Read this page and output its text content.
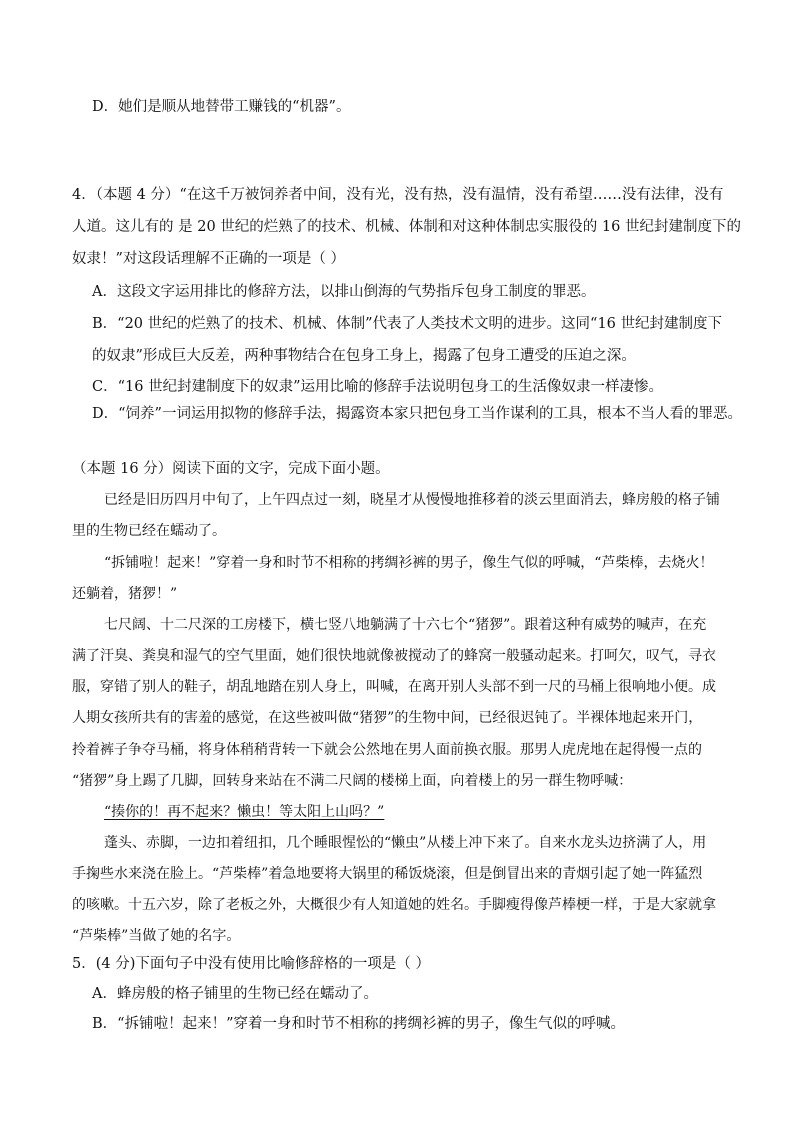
D．她们是顺从地替带工赚钱的“机器”。

4．（本题 4 分）“在这千万被饲养者中间，没有光，没有热，没有温情，没有希望……没有法律，没有

人道。这儿有的 是 20 世纪的烂熟了的技术、机械、体制和对这种体制忠实服役的 16 世纪封建制度下的

奴隶！”对这段话理解不正确的一项是（ ）

A．这段文字运用排比的修辞方法，以排山倒海的气势指斥包身工制度的罪恶。

B．“20 世纪的烂熟了的技术、机械、体制”代表了人类技术文明的进步。这同“16 世纪封建制度下

的奴隶”形成巨大反差，两种事物结合在包身工身上，揭露了包身工遭受的压迫之深。

C．“16 世纪封建制度下的奴隶”运用比喻的修辞手法说明包身工的生活像奴隶一样凄惨。

D．“饲养”一词运用拟物的修辞手法，揭露资本家只把包身工当作谋利的工具，根本不当人看的罪恶。

（本题 16 分）阅读下面的文字，完成下面小题。

已经是旧历四月中旬了，上午四点过一刻，晓星才从慢慢地推移着的淡云里面消去，蜂房般的格子铺

里的生物已经在蠕动了。

“拆铺啦！起来！”穿着一身和时节不相称的拷绸衫裤的男子，像生气似的呼喊，“芦柴棒，去烧火！

还躺着，猪猡！”

七尺阔、十二尺深的工房楼下，横七竖八地躺满了十六七个“猪猡”。跟着这种有威势的喊声，在充

满了汗臭、粪臭和湿气的空气里面，她们很快地就像被搅动了的蜂窝一般骚动起来。打呵欠，叹气，寻衣

服，穿错了别人的鞋子，胡乱地踏在别人身上，叫喊，在离开别人头部不到一尺的马桶上很响地小便。成

人期女孩所共有的害羞的感觉，在这些被叫做“猪猡”的生物中间，已经很迟钝了。半裸体地起来开门，

拎着裤子争夺马桶，将身体稍稍背转一下就会公然地在男人面前换衣服。那男人虎虎地在起得慢一点的

“猪猡”身上踢了几脚，回转身来站在不满二尺阔的楼梯上面，向着楼上的另一群生物呼喊：

“揍你的！再不起来？懒虫！等太阳上山吗？”

蓬头、赤脚，一边扣着纽扣，几个睡眼惺忪的“懒虫”从楼上冲下来了。自来水龙头边挤满了人，用

手掬些水来浇在脸上。“芦柴棒”着急地要将大锅里的稀饭烧滚，但是倒冒出来的青烟引起了她一阵猛烈

的咳嗽。十五六岁，除了老板之外，大概很少有人知道她的姓名。手脚瘦得像芦棒梗一样，于是大家就拿

“芦柴棒”当做了她的名字。

5．(4 分)下面句子中没有使用比喻修辞格的一项是（ ）

A．蜂房般的格子铺里的生物已经在蠕动了。

B．“拆铺啦！起来！”穿着一身和时节不相称的拷绸衫裤的男子，像生气似的呼喊。
